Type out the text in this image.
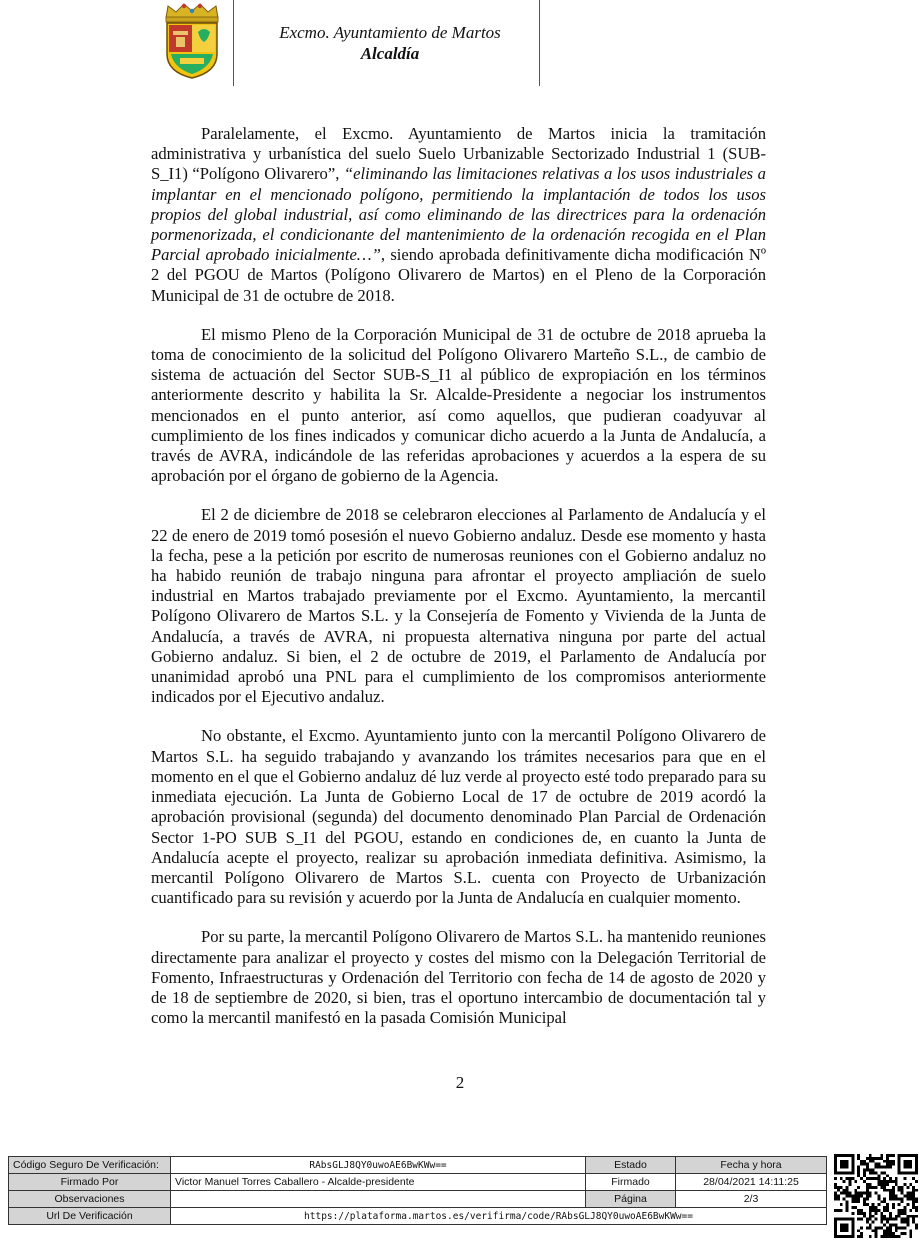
Excmo. Ayuntamiento de Martos
Alcaldía

Paralelamente, el Excmo. Ayuntamiento de Martos inicia la tramitación administrativa y urbanística del suelo Suelo Urbanizable Sectorizado Industrial 1 (SUB-S_I1) “Polígono Olivarero”, “eliminando las limitaciones relativas a los usos industriales a implantar en el mencionado polígono, permitiendo la implantación de todos los usos propios del global industrial, así como eliminando de las directrices para la ordenación pormenorizada, el condicionante del mantenimiento de la ordenación recogida en el Plan Parcial aprobado inicialmente…”, siendo aprobada definitivamente dicha modificación Nº 2 del PGOU de Martos (Polígono Olivarero de Martos) en el Pleno de la Corporación Municipal de 31 de octubre de 2018.

El mismo Pleno de la Corporación Municipal de 31 de octubre de 2018 aprueba la toma de conocimiento de la solicitud del Polígono Olivarero Marteño S.L., de cambio de sistema de actuación del Sector SUB-S_I1 al público de expropiación en los términos anteriormente descrito y habilita la Sr. Alcalde-Presidente a negociar los instrumentos mencionados en el punto anterior, así como aquellos, que pudieran coadyuvar al cumplimiento de los fines indicados y comunicar dicho acuerdo a la Junta de Andalucía, a través de AVRA, indicándole de las referidas aprobaciones y acuerdos a la espera de su aprobación por el órgano de gobierno de la Agencia.

El 2 de diciembre de 2018 se celebraron elecciones al Parlamento de Andalucía y el 22 de enero de 2019 tomó posesión el nuevo Gobierno andaluz. Desde ese momento y hasta la fecha, pese a la petición por escrito de numerosas reuniones con el Gobierno andaluz no ha habido reunión de trabajo ninguna para afrontar el proyecto ampliación de suelo industrial en Martos trabajado previamente por el Excmo. Ayuntamiento, la mercantil Polígono Olivarero de Martos S.L. y la Consejería de Fomento y Vivienda de la Junta de Andalucía, a través de AVRA, ni propuesta alternativa ninguna por parte del actual Gobierno andaluz. Si bien, el 2 de octubre de 2019, el Parlamento de Andalucía por unanimidad aprobó una PNL para el cumplimiento de los compromisos anteriormente indicados por el Ejecutivo andaluz.

No obstante, el Excmo. Ayuntamiento junto con la mercantil Polígono Olivarero de Martos S.L. ha seguido trabajando y avanzando los trámites necesarios para que en el momento en el que el Gobierno andaluz dé luz verde al proyecto esté todo preparado para su inmediata ejecución. La Junta de Gobierno Local de 17 de octubre de 2019 acordó la aprobación provisional (segunda) del documento denominado Plan Parcial de Ordenación Sector 1-PO SUB S_I1 del PGOU, estando en condiciones de, en cuanto la Junta de Andalucía acepte el proyecto, realizar su aprobación inmediata definitiva. Asimismo, la mercantil Polígono Olivarero de Martos S.L. cuenta con Proyecto de Urbanización cuantificado para su revisión y acuerdo por la Junta de Andalucía en cualquier momento.

Por su parte, la mercantil Polígono Olivarero de Martos S.L. ha mantenido reuniones directamente para analizar el proyecto y costes del mismo con la Delegación Territorial de Fomento, Infraestructuras y Ordenación del Territorio con fecha de 14 de agosto de 2020 y de 18 de septiembre de 2020, si bien, tras el oportuno intercambio de documentación tal y como la mercantil manifestó en la pasada Comisión Municipal

2
Código Seguro De Verificación:	RAbsGLJ8QY0uwoAE6BwKWw==	Estado	Fecha y hora
Firmado Por	Victor Manuel Torres Caballero - Alcalde-presidente	Firmado	28/04/2021 14:11:25
Observaciones		Página	2/3
Url De Verificación	https://plataforma.martos.es/verifirma/code/RAbsGLJ8QY0uwoAE6BwKWw==		
